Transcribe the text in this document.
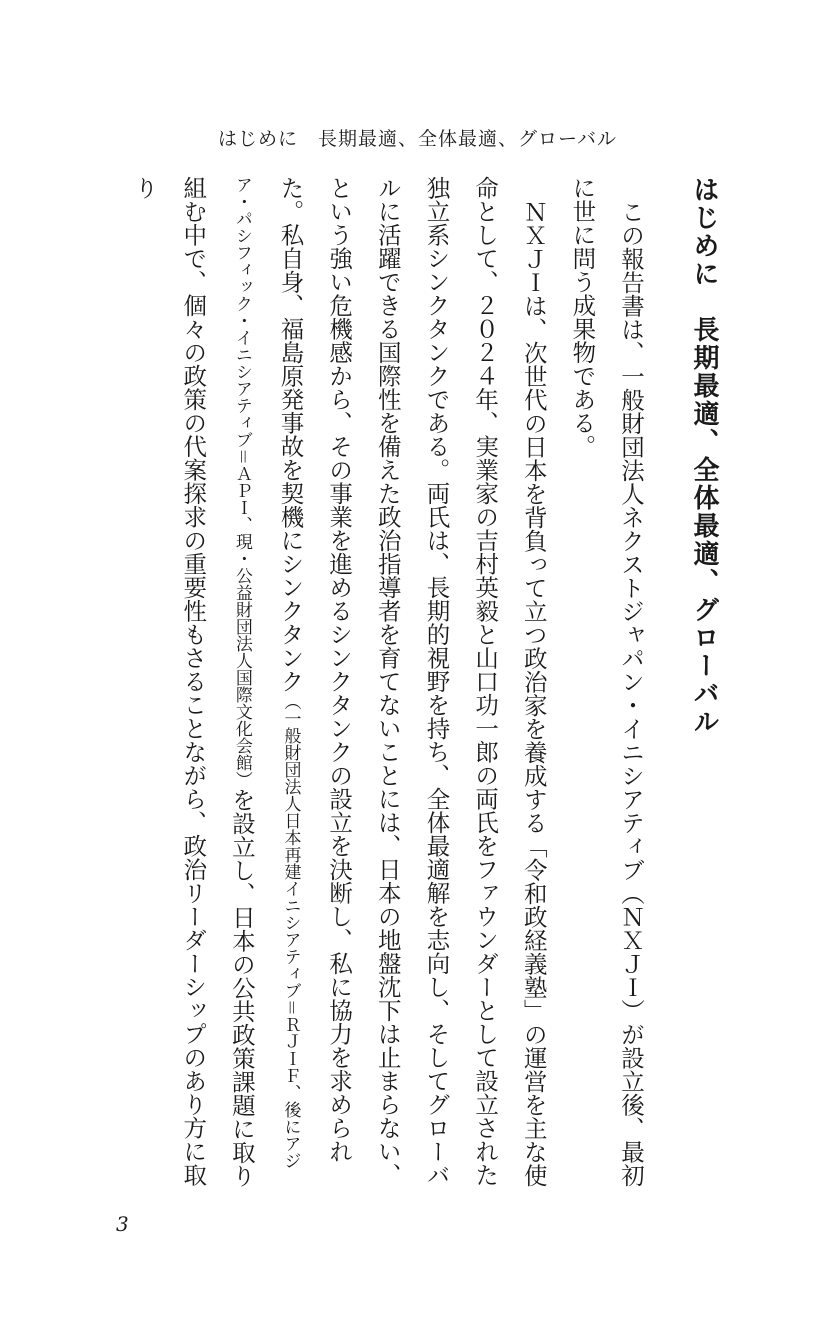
はじめに　長期最適、全体最適、グローバル
はじめに　長期最適、全体最適、グローバル

この報告書は、一般財団法人ネクストジャパン・イニシアティブ（ＮＸＪＩ）が設立後、最初に世に問う成果物である。

ＮＸＪＩは、次世代の日本を背負って立つ政治家を養成する「令和政経義塾」の運営を主な使命として、２０２４年、実業家の吉村英毅と山口功一郎の両氏をファウンダーとして設立された独立系シンクタンクである。両氏は、長期的視野を持ち、全体最適解を志向し、そしてグローバルに活躍できる国際性を備えた政治指導者を育てないことには、日本の地盤沈下は止まらない、という強い危機感から、その事業を進めるシンクタンクの設立を決断し、私に協力を求められた。私自身、福島原発事故を契機にシンクタンク（一般財団法人日本再建イニシアティブ＝ＲＪＩＦ、後にアジア・パシフィック・イニシアティブ＝ＡＰＩ、現・公益財団法人国際文化会館）を設立し、日本の公共政策課題に取り組む中で、個々の政策の代案探求の重要性もさることながら、政治リーダーシップのあり方に取り

3
